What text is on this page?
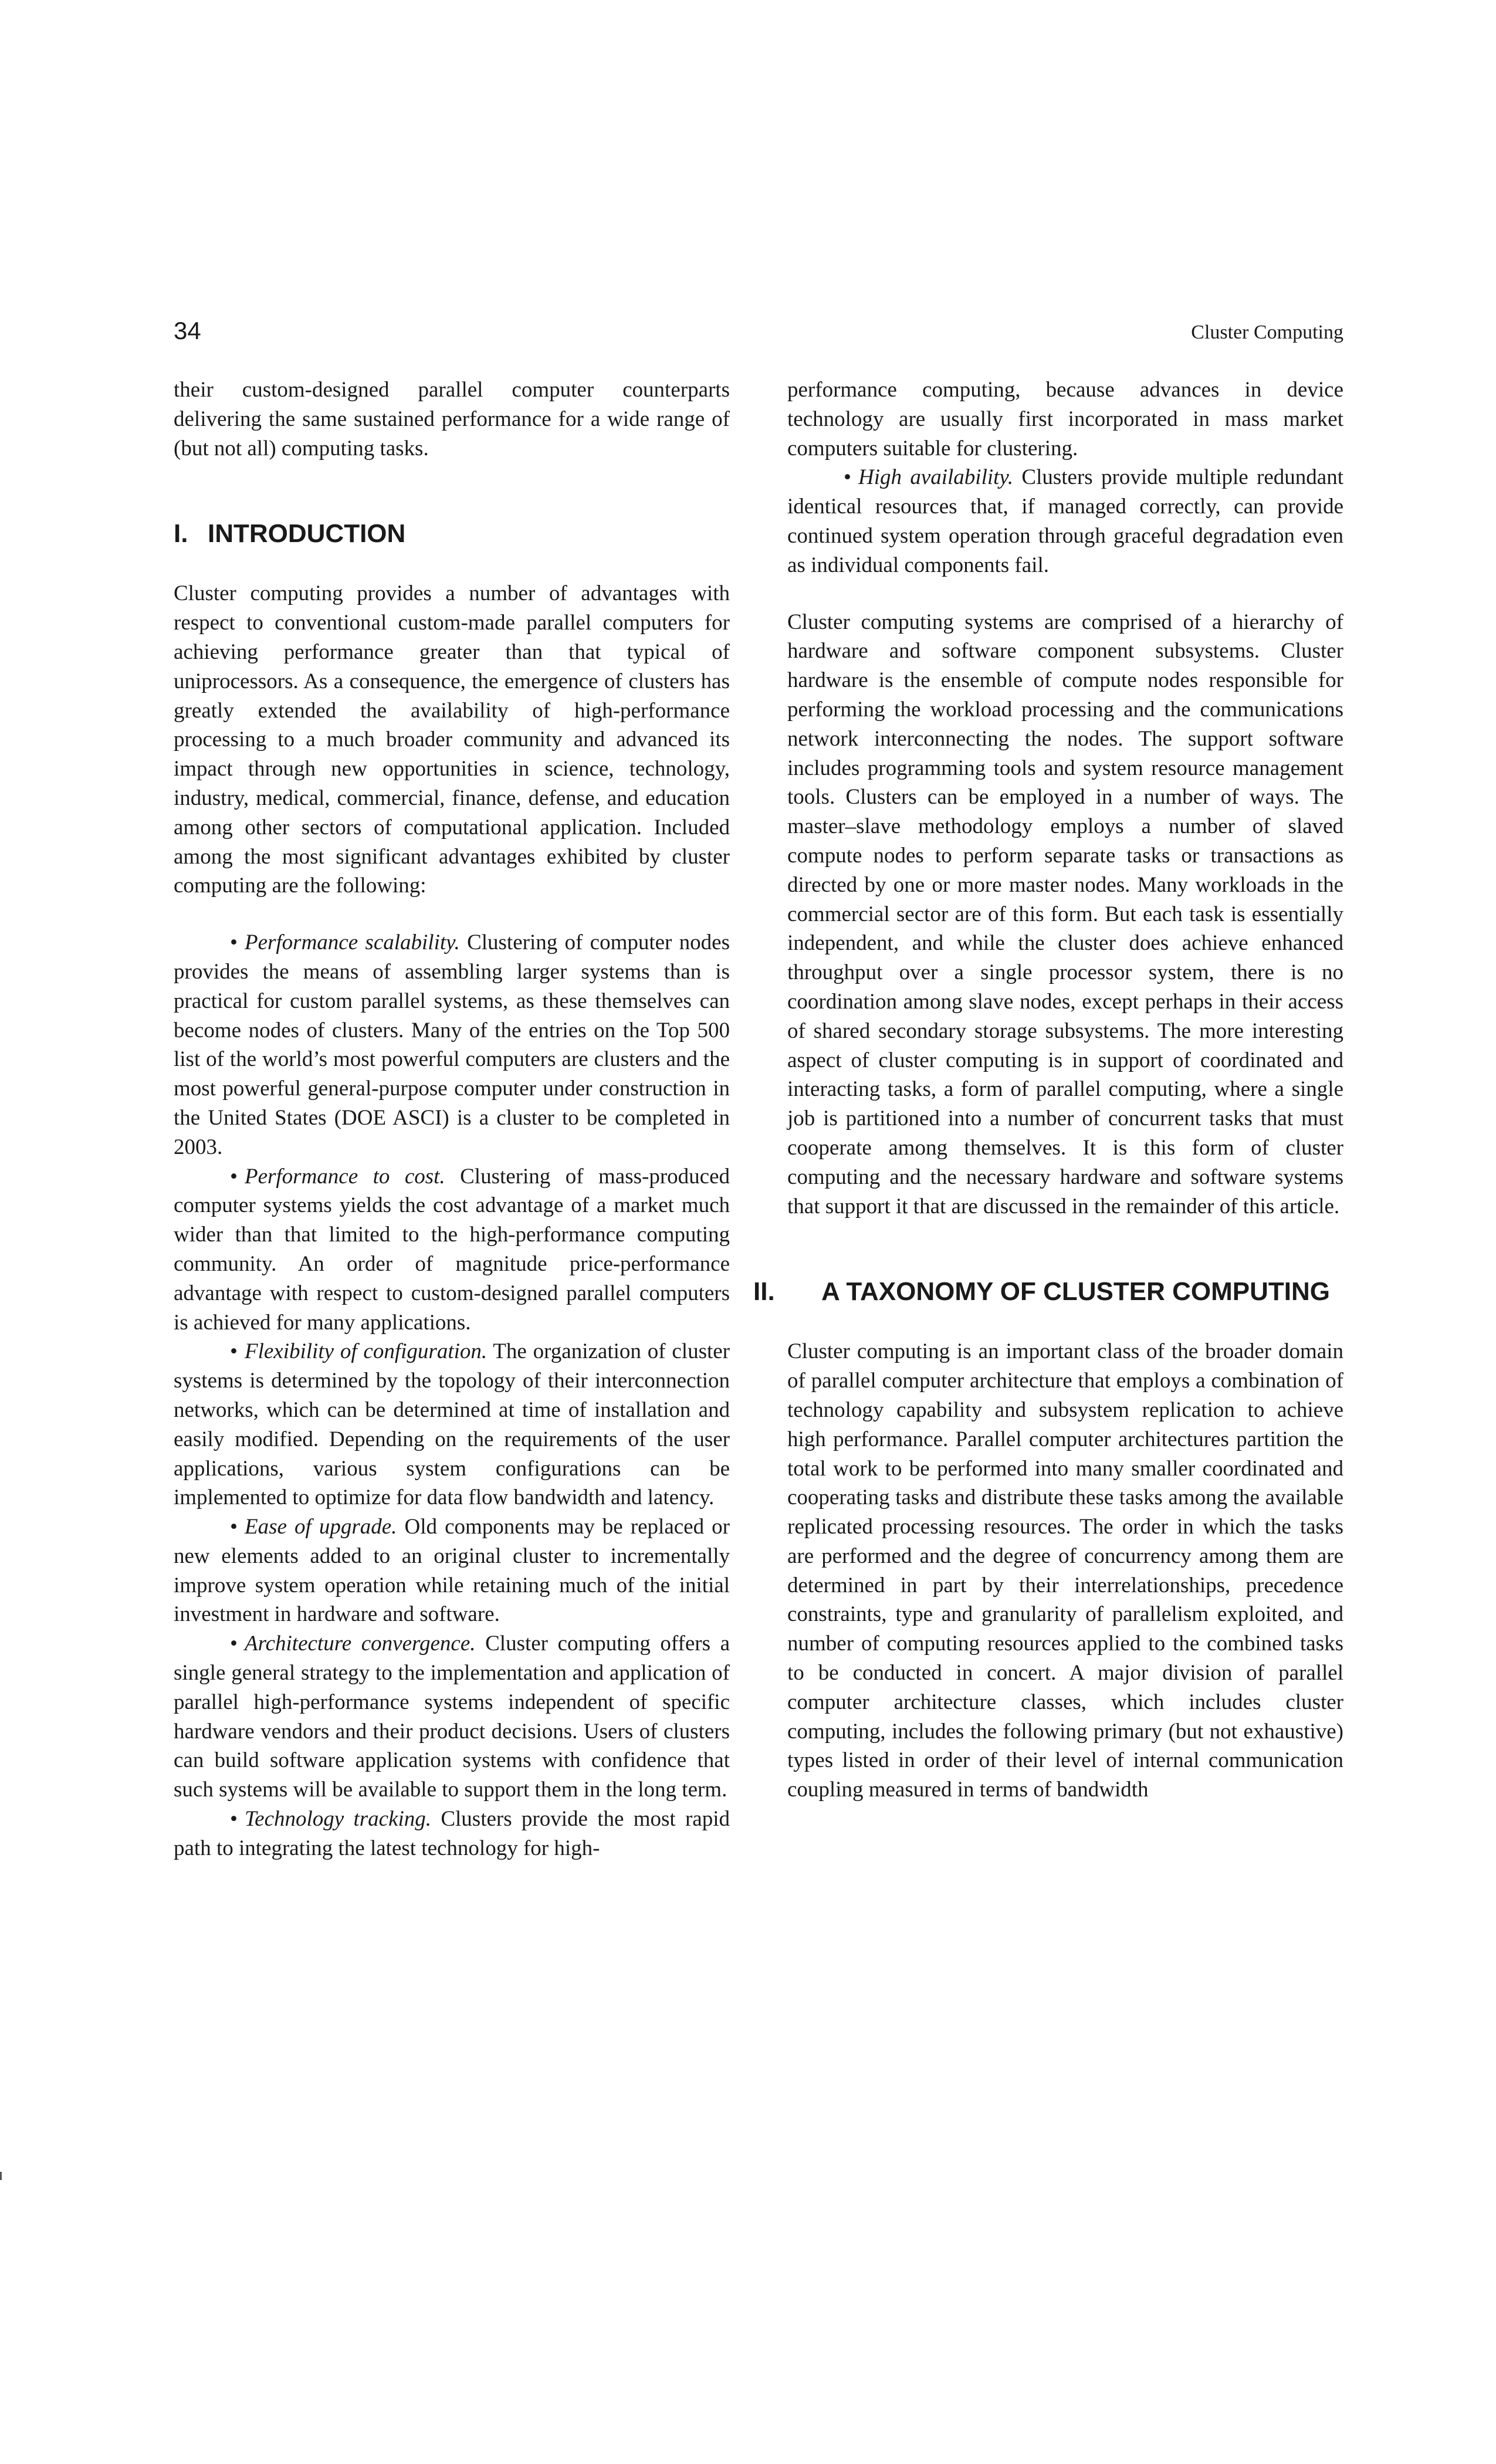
34	Cluster Computing

their custom-designed parallel computer counterparts delivering the same sustained performance for a wide range of (but not all) computing tasks.

I. INTRODUCTION

Cluster computing provides a number of advantages with respect to conventional custom-made parallel computers for achieving performance greater than that typical of uniprocessors. As a consequence, the emergence of clusters has greatly extended the availability of high-performance processing to a much broader community and advanced its impact through new opportunities in science, technology, industry, medical, commercial, finance, defense, and education among other sectors of computational application. Included among the most significant advantages exhibited by cluster computing are the following:

• Performance scalability. Clustering of computer nodes provides the means of assembling larger systems than is practical for custom parallel systems, as these themselves can become nodes of clusters. Many of the entries on the Top 500 list of the world’s most powerful computers are clusters and the most powerful general-purpose computer under construction in the United States (DOE ASCI) is a cluster to be completed in 2003.

• Performance to cost. Clustering of mass-produced computer systems yields the cost advantage of a market much wider than that limited to the high-performance computing community. An order of magnitude price-performance advantage with respect to custom-designed parallel computers is achieved for many applications.

• Flexibility of configuration. The organization of cluster systems is determined by the topology of their interconnection networks, which can be determined at time of installation and easily modified. Depending on the requirements of the user applications, various system configurations can be implemented to optimize for data flow bandwidth and latency.

• Ease of upgrade. Old components may be replaced or new elements added to an original cluster to incrementally improve system operation while retaining much of the initial investment in hardware and software.

• Architecture convergence. Cluster computing offers a single general strategy to the implementation and application of parallel high-performance systems independent of specific hardware vendors and their product decisions. Users of clusters can build software application systems with confidence that such systems will be available to support them in the long term.

• Technology tracking. Clusters provide the most rapid path to integrating the latest technology for high-

performance computing, because advances in device technology are usually first incorporated in mass market computers suitable for clustering.

• High availability. Clusters provide multiple redundant identical resources that, if managed correctly, can provide continued system operation through graceful degradation even as individual components fail.

Cluster computing systems are comprised of a hierarchy of hardware and software component subsystems. Cluster hardware is the ensemble of compute nodes responsible for performing the workload processing and the communications network interconnecting the nodes. The support software includes programming tools and system resource management tools. Clusters can be employed in a number of ways. The master–slave methodology employs a number of slaved compute nodes to perform separate tasks or transactions as directed by one or more master nodes. Many workloads in the commercial sector are of this form. But each task is essentially independent, and while the cluster does achieve enhanced throughput over a single processor system, there is no coordination among slave nodes, except perhaps in their access of shared secondary storage subsystems. The more interesting aspect of cluster computing is in support of coordinated and interacting tasks, a form of parallel computing, where a single job is partitioned into a number of concurrent tasks that must cooperate among themselves. It is this form of cluster computing and the necessary hardware and software systems that support it that are discussed in the remainder of this article.

II. A TAXONOMY OF CLUSTER COMPUTING

Cluster computing is an important class of the broader domain of parallel computer architecture that employs a combination of technology capability and subsystem replication to achieve high performance. Parallel computer architectures partition the total work to be performed into many smaller coordinated and cooperating tasks and distribute these tasks among the available replicated processing resources. The order in which the tasks are performed and the degree of concurrency among them are determined in part by their interrelationships, precedence constraints, type and granularity of parallelism exploited, and number of computing resources applied to the combined tasks to be conducted in concert. A major division of parallel computer architecture classes, which includes cluster computing, includes the following primary (but not exhaustive) types listed in order of their level of internal communication coupling measured in terms of bandwidth
